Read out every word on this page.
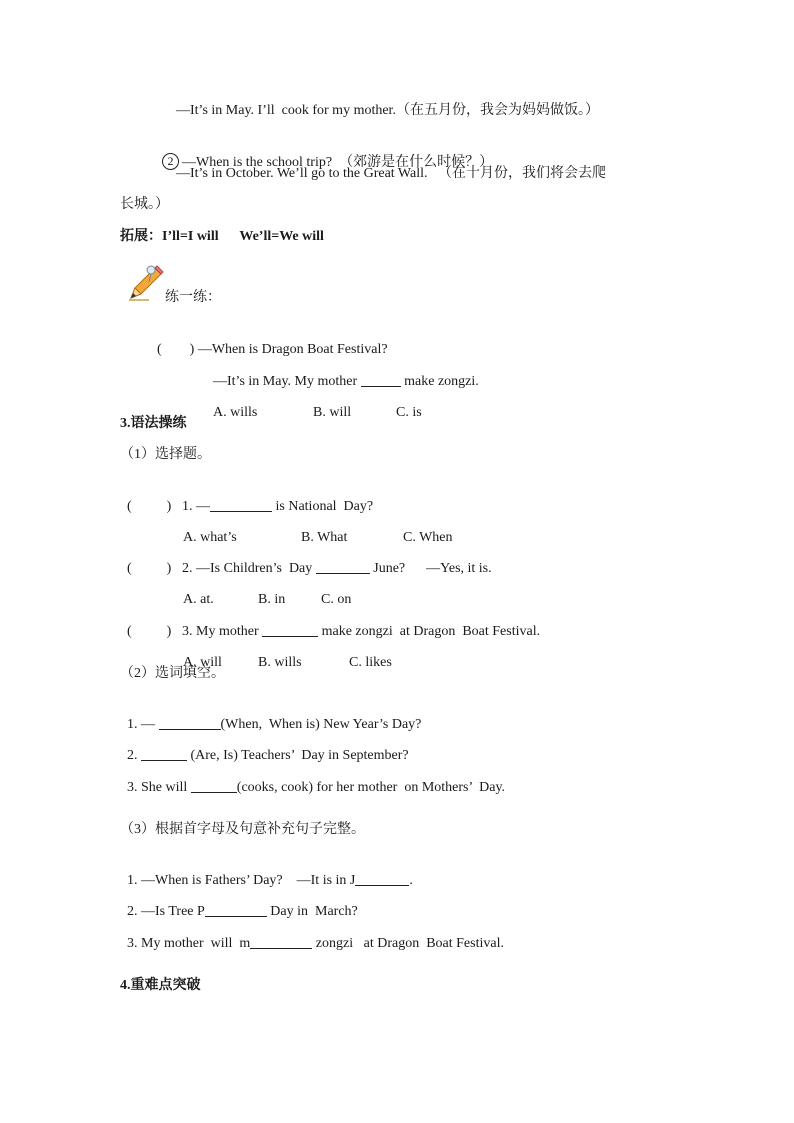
—It’s in May. I’ll  cook for my mother.（在五月份，我会为妈妈做饭。）

2 —When is the school trip?  （郊游是在什么时候？）

—It’s in October. We’ll go to the Great Wall.   （在十月份，我们将会去爬
长城。）
拓展：I’ll=I will      We’ll=We will
练一练：

(        ) —When is Dragon Boat Festival?

—It’s in May. My mother	make zongzi.

A. wills	B. will	C. is

3.语法操练
（1）选择题。

(          ) 1. —	is National  Day?

A. what’s	B. What	C. When

(          ) 2. —Is Children’s  Day	June?      —Yes, it is.

A. at.	B. in	C. on

(          ) 3. My mother	make zongzi  at Dragon  Boat Festival.

A. will	B. wills	C. likes

（2）选词填空。

1. —	(When,  When is) New Year’s Day?

2.	(Are, Is) Teachers’  Day in September?

3. She will	(cooks, cook) for her mother  on Mothers’  Day.

（3）根据首字母及句意补充句子完整。

1. —When is Fathers’ Day?    —It is in J	.

2. —Is Tree P	Day in  March?

3. My mother  will  m	zongzi   at Dragon  Boat Festival.

4.重难点突破
